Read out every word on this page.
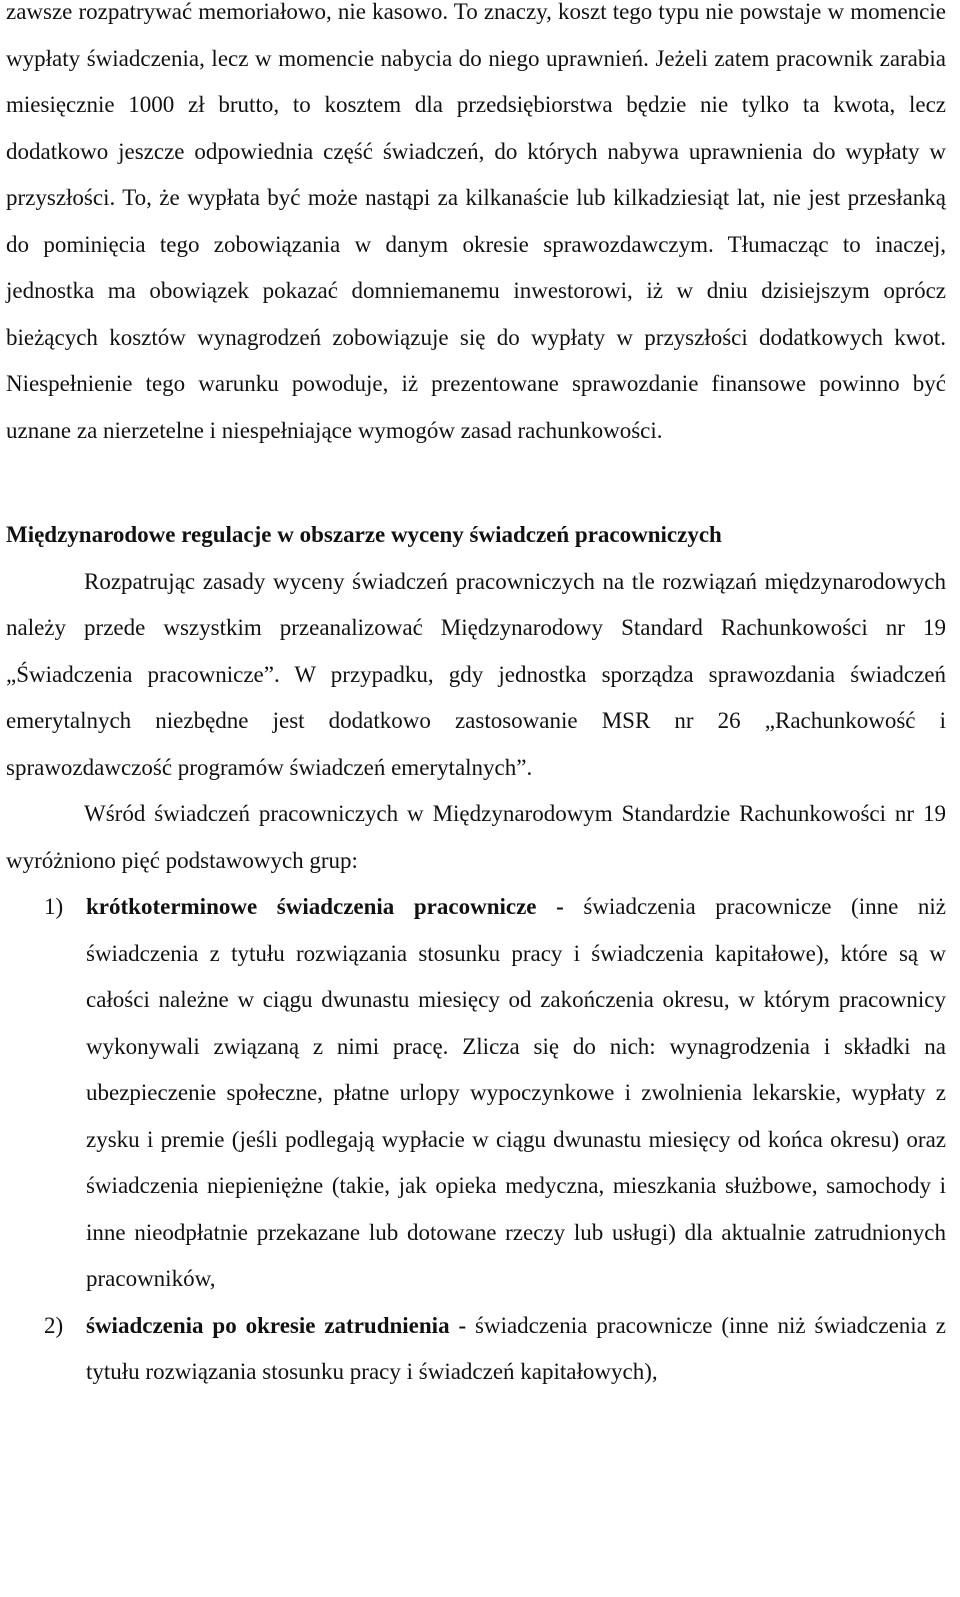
zawsze rozpatrywać memoriałowo, nie kasowo. To znaczy, koszt tego typu nie powstaje w momencie wypłaty świadczenia, lecz w momencie nabycia do niego uprawnień. Jeżeli zatem pracownik zarabia miesięcznie 1000 zł brutto, to kosztem dla przedsiębiorstwa będzie nie tylko ta kwota, lecz dodatkowo jeszcze odpowiednia część świadczeń, do których nabywa uprawnienia do wypłaty w przyszłości. To, że wypłata być może nastąpi za kilkanaście lub kilkadziesiąt lat, nie jest przesłanką do pominięcia tego zobowiązania w danym okresie sprawozdawczym. Tłumacząc to inaczej, jednostka ma obowiązek pokazać domniemanemu inwestorowi, iż w dniu dzisiejszym oprócz bieżących kosztów wynagrodzeń zobowiązuje się do wypłaty w przyszłości dodatkowych kwot. Niespełnienie tego warunku powoduje, iż prezentowane sprawozdanie finansowe powinno być uznane za nierzetelne i niespełniające wymogów zasad rachunkowości.

Międzynarodowe regulacje w obszarze wyceny świadczeń pracowniczych

Rozpatrując zasady wyceny świadczeń pracowniczych na tle rozwiązań międzynarodowych należy przede wszystkim przeanalizować Międzynarodowy Standard Rachunkowości nr 19 „Świadczenia pracownicze”. W przypadku, gdy jednostka sporządza sprawozdania świadczeń emerytalnych niezbędne jest dodatkowo zastosowanie MSR nr 26 „Rachunkowość i sprawozdawczość programów świadczeń emerytalnych”.

Wśród świadczeń pracowniczych w Międzynarodowym Standardzie Rachunkowości nr 19 wyróżniono pięć podstawowych grup:

1) krótkoterminowe świadczenia pracownicze - świadczenia pracownicze (inne niż świadczenia z tytułu rozwiązania stosunku pracy i świadczenia kapitałowe), które są w całości należne w ciągu dwunastu miesięcy od zakończenia okresu, w którym pracownicy wykonywali związaną z nimi pracę. Zlicza się do nich: wynagrodzenia i składki na ubezpieczenie społeczne, płatne urlopy wypoczynkowe i zwolnienia lekarskie, wypłaty z zysku i premie (jeśli podlegają wypłacie w ciągu dwunastu miesięcy od końca okresu) oraz świadczenia niepieniężne (takie, jak opieka medyczna, mieszkania służbowe, samochody i inne nieodpłatnie przekazane lub dotowane rzeczy lub usługi) dla aktualnie zatrudnionych pracowników,
2) świadczenia po okresie zatrudnienia - świadczenia pracownicze (inne niż świadczenia z tytułu rozwiązania stosunku pracy i świadczeń kapitałowych),
